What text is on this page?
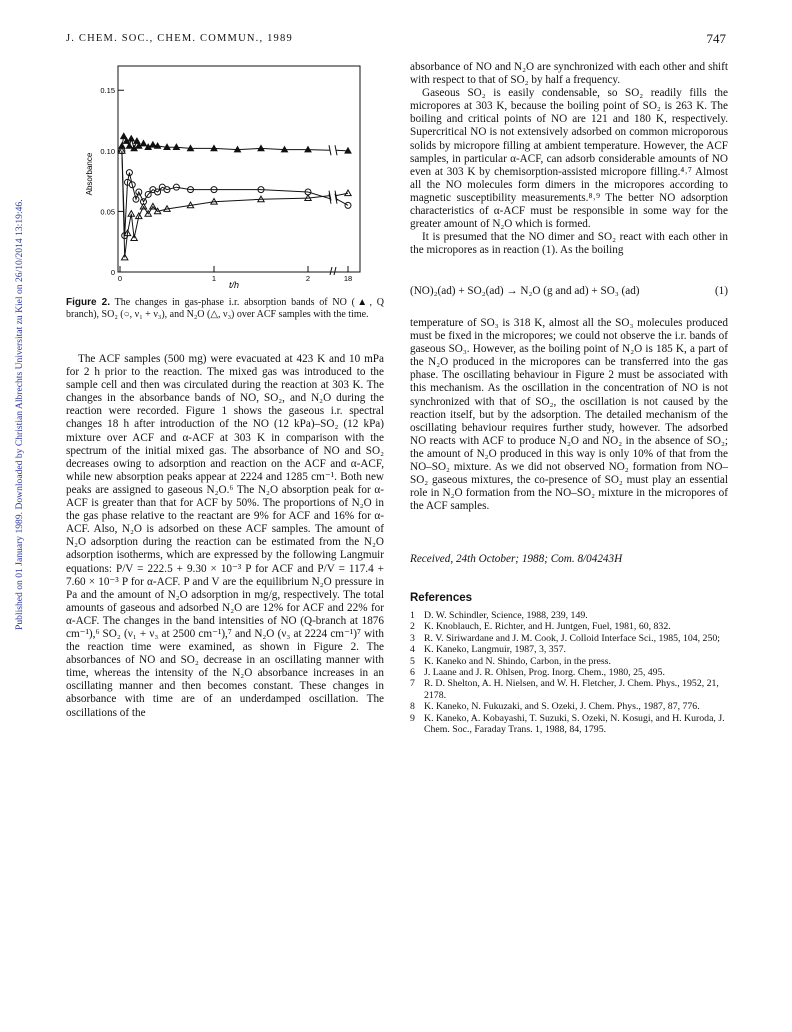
J. CHEM. SOC., CHEM. COMMUN., 1989	747
Published on 01 January 1989. Downloaded by Christian Albrechts Universitat zu Kiel on 26/10/2014 13:19:46.	0
0.05
0.10
0.15
0	1	2	18
Absorbance
t/h
Figure 2. The changes in gas-phase i.r. absorption bands of NO (▲, Q branch), SO₂ (○, ν₁ + ν₃), and N₂O (△, ν₃) over ACF samples with the time.

The ACF samples (500 mg) were evacuated at 423 K and 10 mPa for 2 h prior to the reaction. The mixed gas was introduced to the sample cell and then was circulated during the reaction at 303 K. The changes in the absorbance bands of NO, SO₂, and N₂O during the reaction were recorded. Figure 1 shows the gaseous i.r. spectral changes 18 h after introduction of the NO (12 kPa)–SO₂ (12 kPa) mixture over ACF and α-ACF at 303 K in comparison with the spectrum of the initial mixed gas. The absorbance of NO and SO₂ decreases owing to adsorption and reaction on the ACF and α-ACF, while new absorption peaks appear at 2224 and 1285 cm⁻¹. Both new peaks are assigned to gaseous N₂O.⁶ The N₂O absorption peak for α-ACF is greater than that for ACF by 50%. The proportions of N₂O in the gas phase relative to the reactant are 9% for ACF and 16% for α-ACF. Also, N₂O is adsorbed on these ACF samples. The amount of N₂O adsorption during the reaction can be estimated from the N₂O adsorption isotherms, which are expressed by the following Langmuir equations: P/V = 222.5 + 9.30 × 10⁻³ P for ACF and P/V = 117.4 + 7.60 × 10⁻³ P for α-ACF. P and V are the equilibrium N₂O pressure in Pa and the amount of N₂O adsorption in mg/g, respectively. The total amounts of gaseous and adsorbed N₂O are 12% for ACF and 22% for α-ACF. The changes in the band intensities of NO (Q-branch at 1876 cm⁻¹),⁶ SO₂ (ν₁ + ν₃ at 2500 cm⁻¹),⁷ and N₂O (ν₃ at 2224 cm⁻¹)⁷ with the reaction time were examined, as shown in Figure 2. The absorbances of NO and SO₂ decrease in an oscillating manner with time, whereas the intensity of the N₂O absorbance increases in an oscillating manner and then becomes constant. These changes in absorbance with time are of an underdamped oscillation. The oscillations of the

absorbance of NO and N₂O are synchronized with each other and shift with respect to that of SO₂ by half a frequency.

Gaseous SO₂ is easily condensable, so SO₂ readily fills the micropores at 303 K, because the boiling point of SO₂ is 263 K. The boiling and critical points of NO are 121 and 180 K, respectively. Supercritical NO is not extensively adsorbed on common microporous solids by micropore filling at ambient temperature. However, the ACF samples, in particular α-ACF, can adsorb considerable amounts of NO even at 303 K by chemisorption-assisted micropore filling.⁴˒⁷ Almost all the NO molecules form dimers in the micropores according to magnetic susceptibility measurements.⁸˒⁹ The better NO adsorption characteristics of α-ACF must be responsible in some way for the greater amount of N₂O which is formed.

It is presumed that the NO dimer and SO₂ react with each other in the micropores as in reaction (1). As the boiling

(NO)₂(ad) + SO₂(ad) → N₂O (g and ad) + SO₃ (ad)	(1)

temperature of SO₃ is 318 K, almost all the SO₃ molecules produced must be fixed in the micropores; we could not observe the i.r. bands of gaseous SO₃. However, as the boiling point of N₂O is 185 K, a part of the N₂O produced in the micropores can be transferred into the gas phase. The oscillating behaviour in Figure 2 must be associated with this mechanism. As the oscillation in the concentration of NO is not synchronized with that of SO₂, the oscillation is not caused by the reaction itself, but by the adsorption. The detailed mechanism of the oscillating behaviour requires further study, however. The adsorbed NO reacts with ACF to produce N₂O and NO₂ in the absence of SO₂; the amount of N₂O produced in this way is only 10% of that from the NO–SO₂ mixture. As we did not observed NO₂ formation from NO–SO₂ gaseous mixtures, the co-presence of SO₂ must play an essential role in N₂O formation from the NO–SO₂ mixture in the micropores of the ACF samples.

Received, 24th October; 1988; Com. 8/04243H
References
1 D. W. Schindler, Science, 1988, 239, 149.
2 K. Knoblauch, E. Richter, and H. Juntgen, Fuel, 1981, 60, 832.
3 R. V. Siriwardane and J. M. Cook, J. Colloid Interface Sci., 1985, 104, 250;
4 K. Kaneko, Langmuir, 1987, 3, 357.
5 K. Kaneko and N. Shindo, Carbon, in the press.
6 J. Laane and J. R. Ohlsen, Prog. Inorg. Chem., 1980, 25, 495.
7 R. D. Shelton, A. H. Nielsen, and W. H. Fletcher, J. Chem. Phys., 1952, 21, 2178.
8 K. Kaneko, N. Fukuzaki, and S. Ozeki, J. Chem. Phys., 1987, 87, 776.
9 K. Kaneko, A. Kobayashi, T. Suzuki, S. Ozeki, N. Kosugi, and H. Kuroda, J. Chem. Soc., Faraday Trans. 1, 1988, 84, 1795.
